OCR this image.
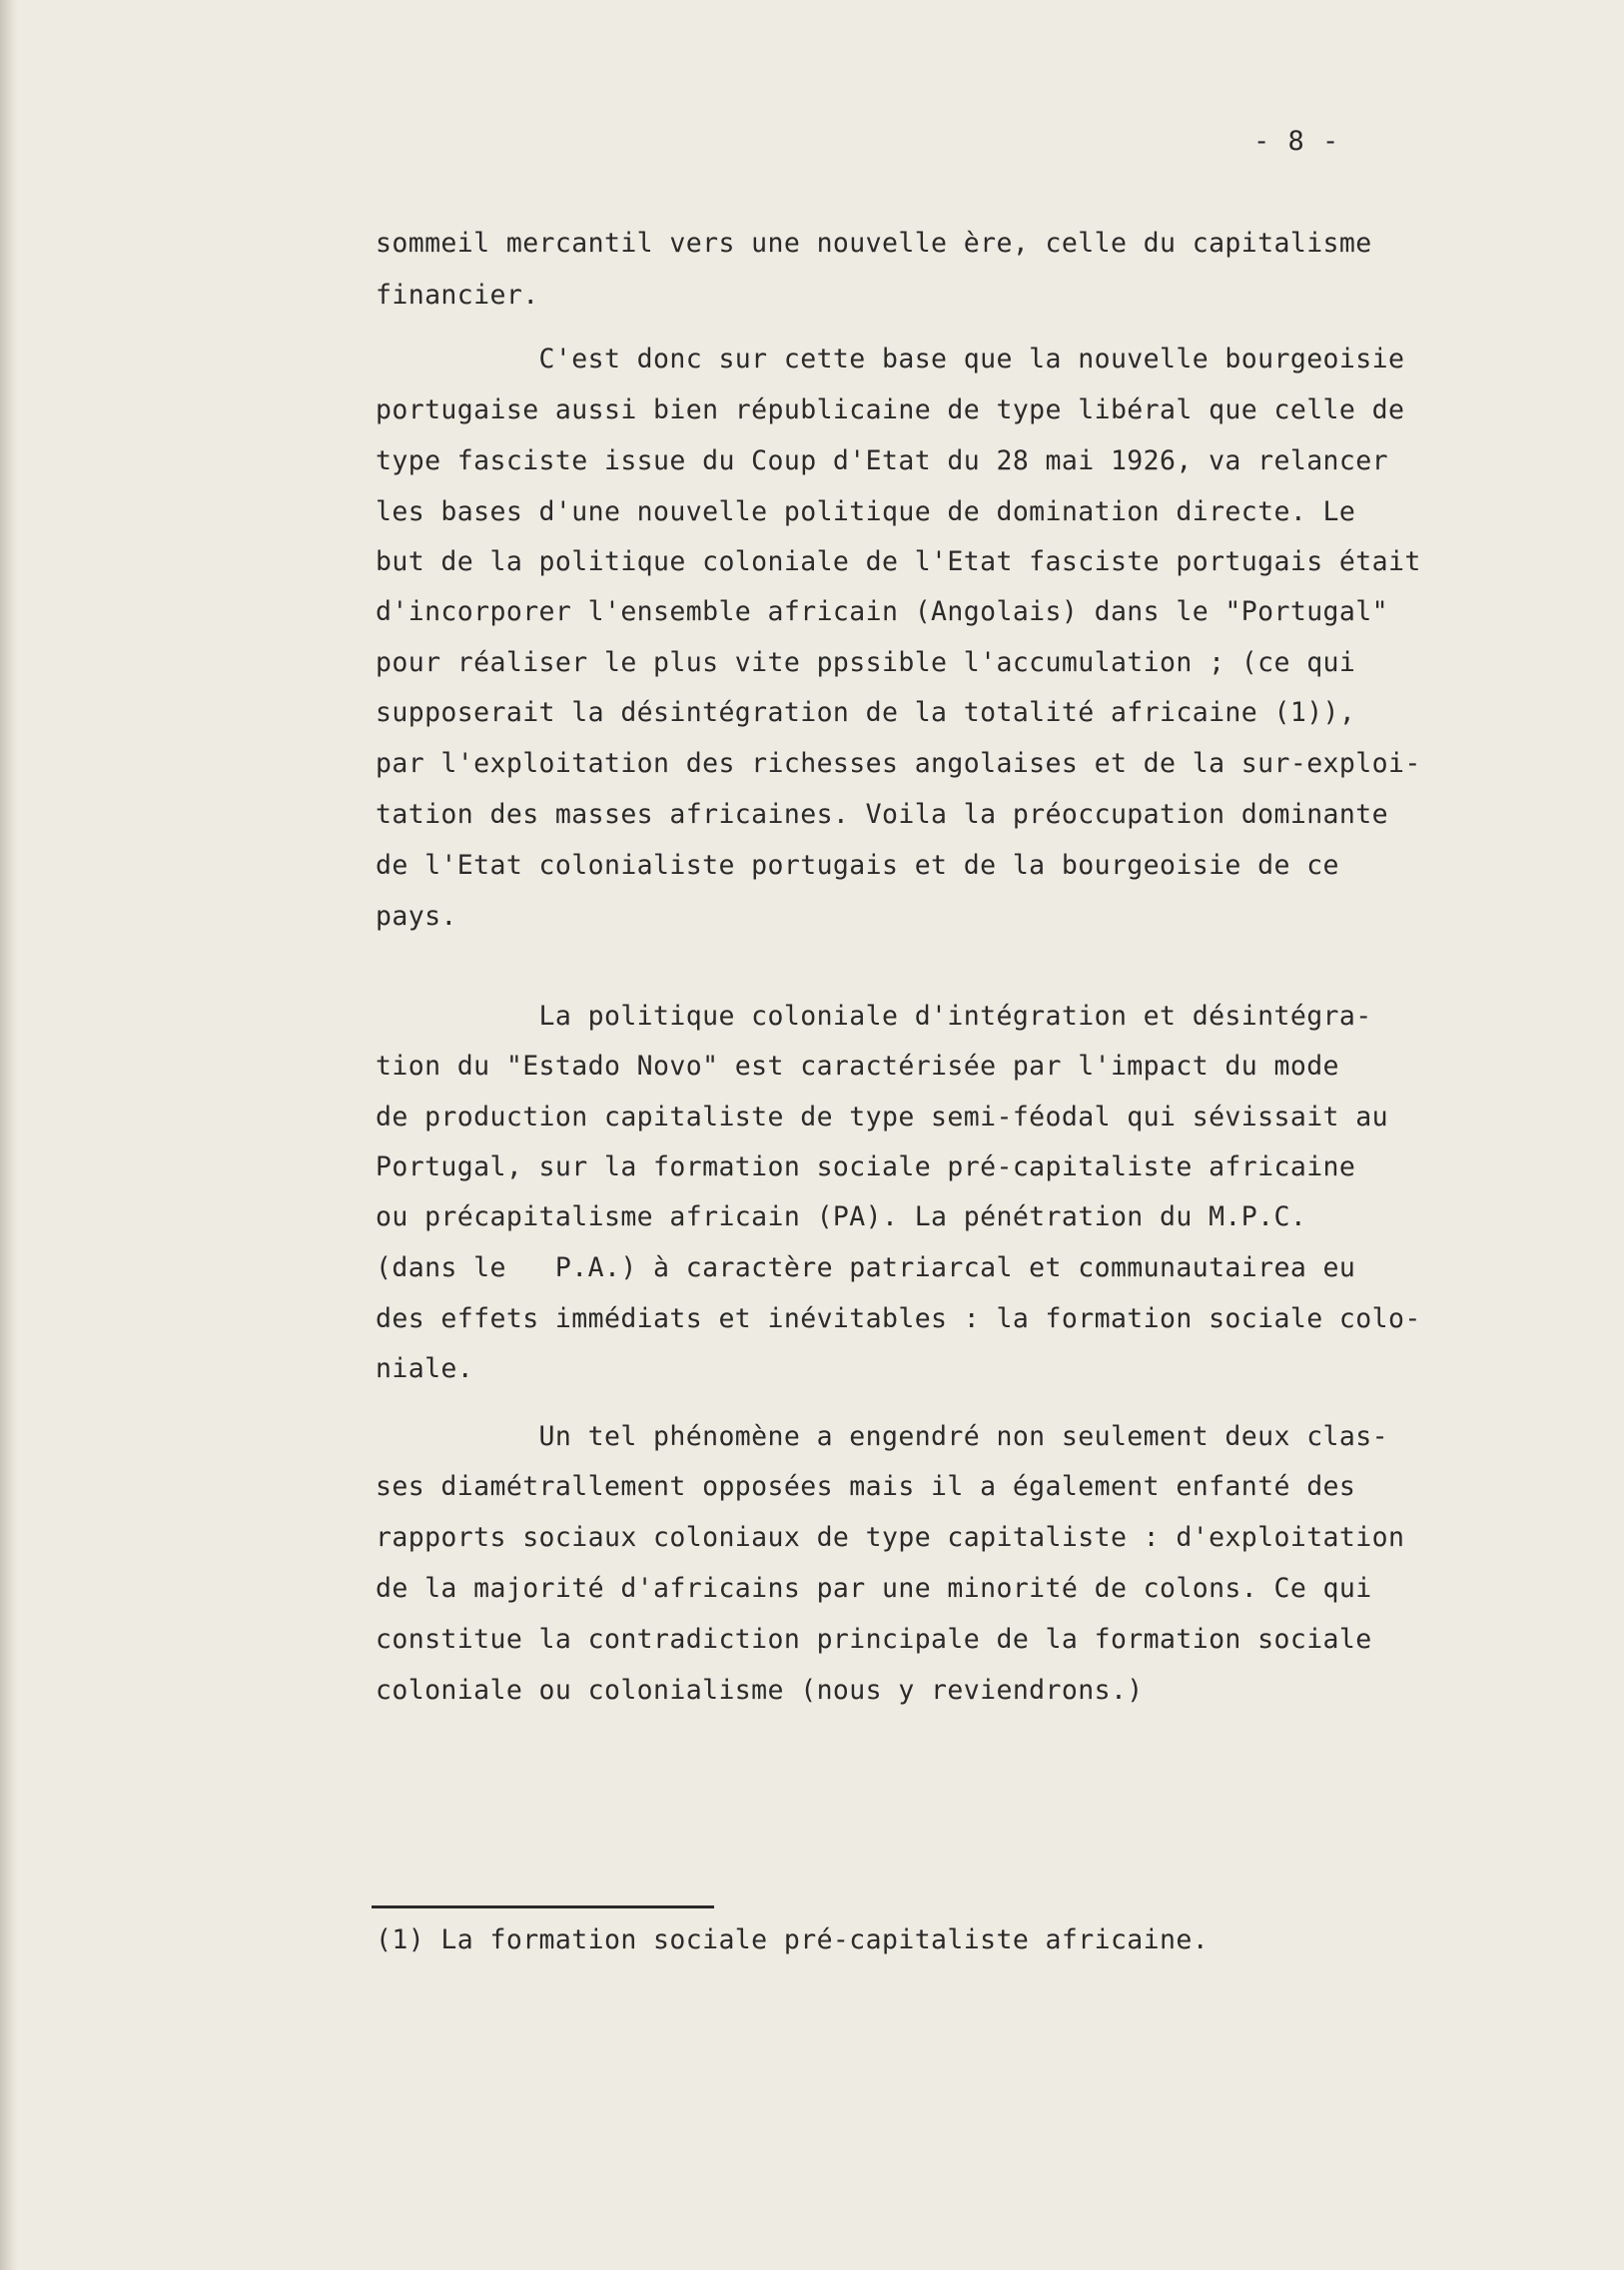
- 8 -
sommeil mercantil vers une nouvelle ère, celle du capitalisme
financier.
C'est donc sur cette base que la nouvelle bourgeoisie
portugaise aussi bien républicaine de type libéral que celle de
type fasciste issue du Coup d'Etat du 28 mai 1926, va relancer
les bases d'une nouvelle politique de domination directe. Le
but de la politique coloniale de l'Etat fasciste portugais était
d'incorporer l'ensemble africain (Angolais) dans le "Portugal"
pour réaliser le plus vite ppssible l'accumulation ; (ce qui
supposerait la désintégration de la totalité africaine (1)),
par l'exploitation des richesses angolaises et de la sur-exploi-
tation des masses africaines. Voila la préoccupation dominante
de l'Etat colonialiste portugais et de la bourgeoisie de ce
pays.
La politique coloniale d'intégration et désintégra-
tion du "Estado Novo" est caractérisée par l'impact du mode
de production capitaliste de type semi-féodal qui sévissait au
Portugal, sur la formation sociale pré-capitaliste africaine
ou précapitalisme africain (PA). La pénétration du M.P.C.
(dans le   P.A.) à caractère patriarcal et communautairea eu
des effets immédiats et inévitables : la formation sociale colo-
niale.
Un tel phénomène a engendré non seulement deux clas-
ses diamétrallement opposées mais il a également enfanté des
rapports sociaux coloniaux de type capitaliste : d'exploitation
de la majorité d'africains par une minorité de colons. Ce qui
constitue la contradiction principale de la formation sociale
coloniale ou colonialisme (nous y reviendrons.)
(1) La formation sociale pré-capitaliste africaine.
